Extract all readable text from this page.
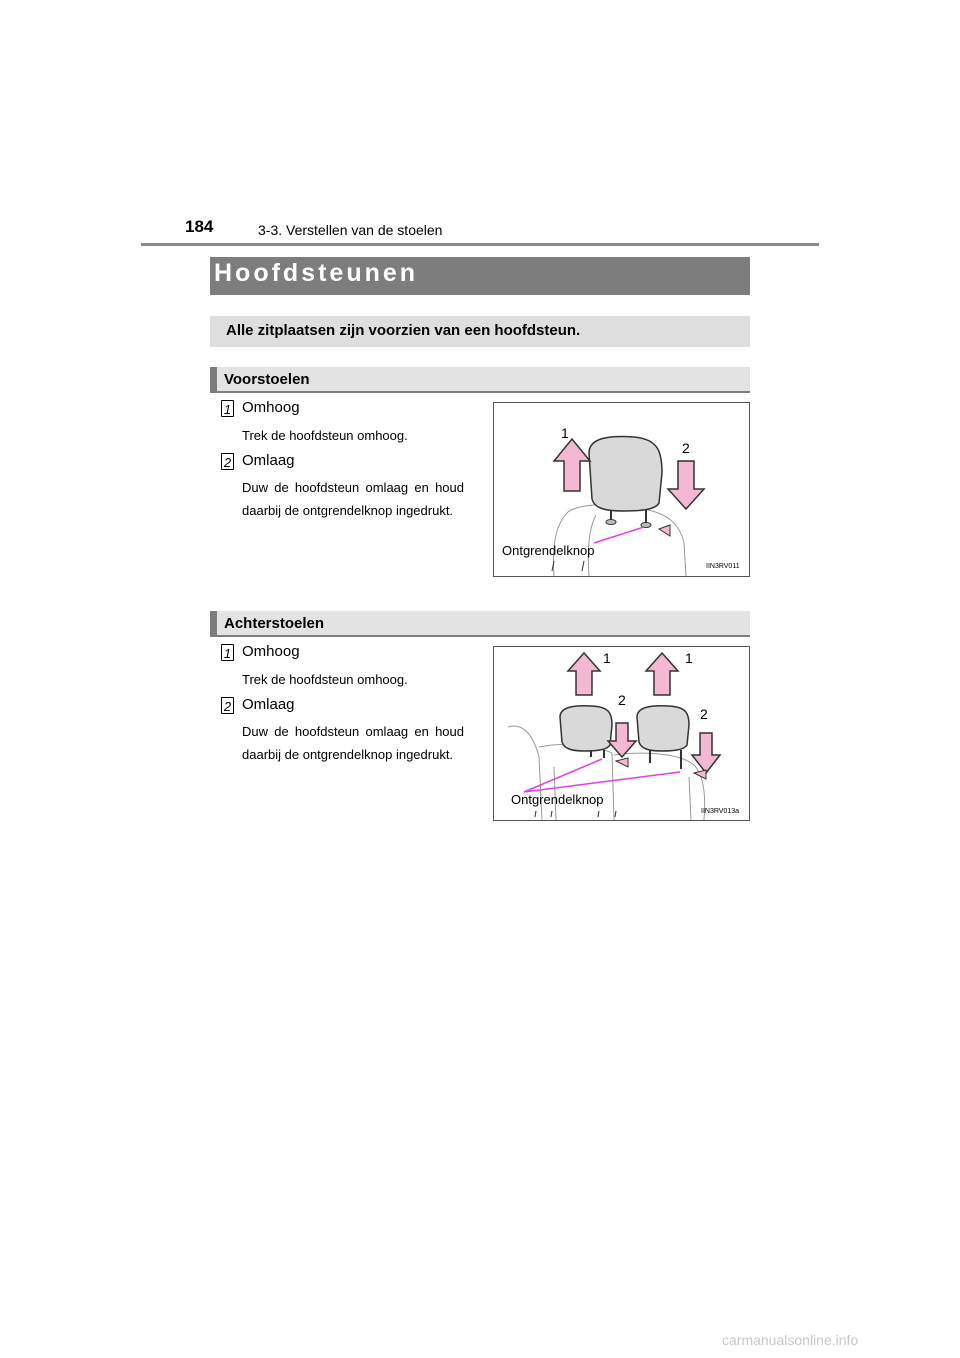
184	3-3. Verstellen van de stoelen
Hoofdsteunen
Alle zitplaatsen zijn voorzien van een hoofdsteun.
Voorstoelen
1 Omhoog
Trek de hoofdsteun omhoog.
2 Omlaag
Duw de hoofdsteun omlaag en houd daarbij de ontgrendelknop ingedrukt.
1
2
Ontgrendelknop
IIN3RV011
Achterstoelen
1 Omhoog
Trek de hoofdsteun omhoog.
2 Omlaag
Duw de hoofdsteun omlaag en houd daarbij de ontgrendelknop ingedrukt.
1	1
2
2
Ontgrendelknop
IIN3RV013a
carmanualsonline.info
